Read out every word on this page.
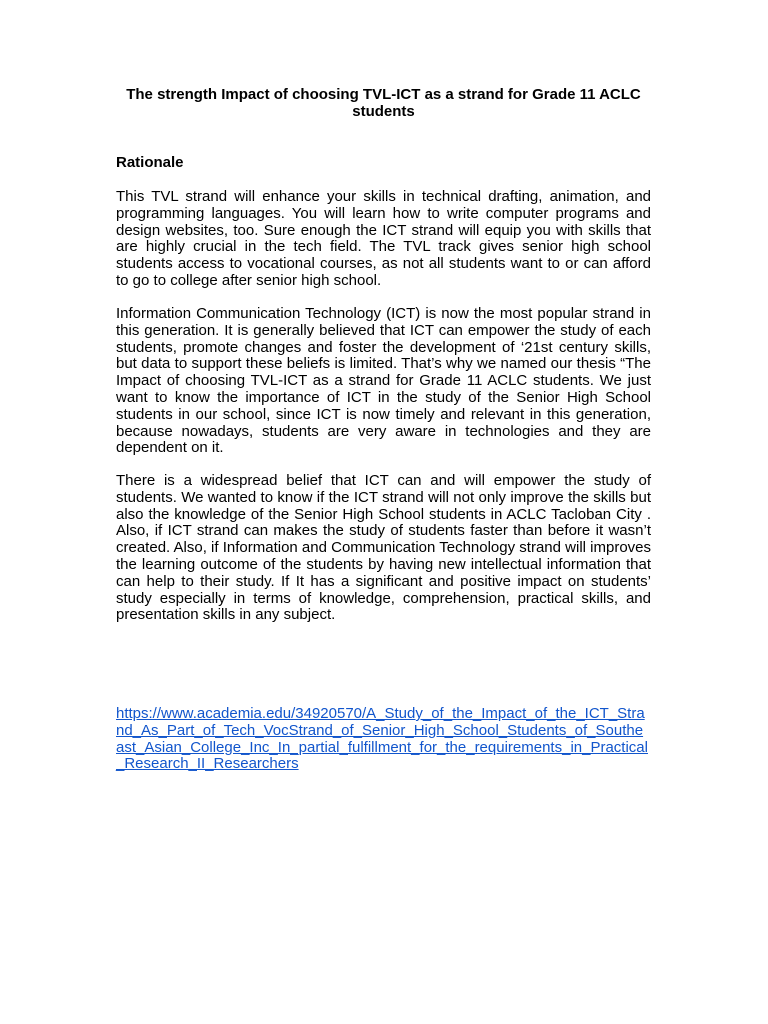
The strength Impact of choosing TVL-ICT as a strand for Grade 11 ACLC students
Rationale

This TVL strand will enhance your skills in technical drafting, animation, and programming languages. You will learn how to write computer programs and design websites, too. Sure enough the ICT strand will equip you with skills that are highly crucial in the tech field. The TVL track gives senior high school students access to vocational courses, as not all students want to or can afford to go to college after senior high school.

Information Communication Technology (ICT) is now the most popular strand in this generation. It is generally believed that ICT can empower the study of each students, promote changes and foster the development of ‘21st century skills, but data to support these beliefs is limited. That’s why we named our thesis “The Impact of choosing TVL-ICT as a strand for Grade 11 ACLC students. We just want to know the importance of ICT in the study of the Senior High School students in our school, since ICT is now timely and relevant in this generation, because nowadays, students are very aware in technologies and they are dependent on it.

There is a widespread belief that ICT can and will empower the study of students. We wanted to know if the ICT strand will not only improve the skills but also the knowledge of the Senior High School students in ACLC Tacloban City . Also, if ICT strand can makes the study of students faster than before it wasn’t created. Also, if Information and Communication Technology strand will improves the learning outcome of the students by having new intellectual information that can help to their study. If It has a significant and positive impact on students’ study especially in terms of knowledge, comprehension, practical skills, and presentation skills in any subject.

https://www.academia.edu/34920570/A_Study_of_the_Impact_of_the_ICT_Strand_As_Part_of_Tech_VocStrand_of_Senior_High_School_Students_of_Southeast_Asian_College_Inc_In_partial_fulfillment_for_the_requirements_in_Practical_Research_II_Researchers
